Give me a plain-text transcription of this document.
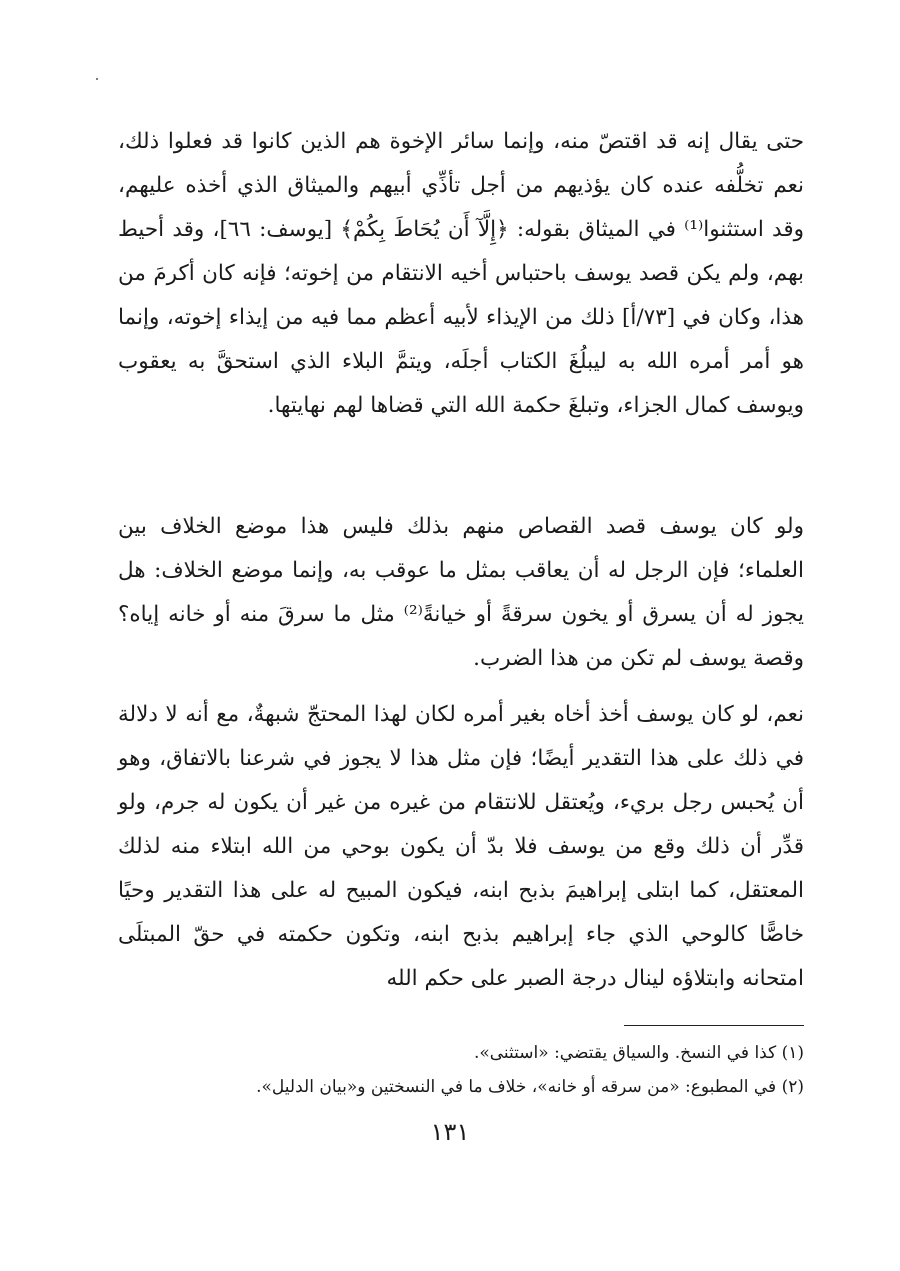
حتى يقال إنه قد اقتصّ منه، وإنما سائر الإخوة هم الذين كانوا قد فعلوا ذلك، نعم تخلُّفه عنده كان يؤذيهم من أجل تأذِّي أبيهم والميثاق الذي أخذه عليهم، وقد استثنوا⁽¹⁾ في الميثاق بقوله: ﴿إِلَّآ أَن يُحَاطَ بِكُمْ﴾ [يوسف: ٦٦]، وقد أحيط بهم، ولم يكن قصد يوسف باحتباس أخيه الانتقام من إخوته؛ فإنه كان أكرمَ من هذا، وكان في [٧٣/أ] ذلك من الإيذاء لأبيه أعظم مما فيه من إيذاء إخوته، وإنما هو أمر أمره الله به ليبلُغَ الكتاب أجلَه، ويتمَّ البلاء الذي استحقَّ به يعقوب ويوسف كمال الجزاء، وتبلغَ حكمة الله التي قضاها لهم نهايتها.

ولو كان يوسف قصد القصاص منهم بذلك فليس هذا موضع الخلاف بين العلماء؛ فإن الرجل له أن يعاقب بمثل ما عوقب به، وإنما موضع الخلاف: هل يجوز له أن يسرق أو يخون سرقةً أو خيانةً⁽²⁾ مثل ما سرقَ منه أو خانه إياه؟ وقصة يوسف لم تكن من هذا الضرب.

نعم، لو كان يوسف أخذ أخاه بغير أمره لكان لهذا المحتجّ شبهةٌ، مع أنه لا دلالة في ذلك على هذا التقدير أيضًا؛ فإن مثل هذا لا يجوز في شرعنا بالاتفاق، وهو أن يُحبس رجل بريء، ويُعتقل للانتقام من غيره من غير أن يكون له جرم، ولو قدِّر أن ذلك وقع من يوسف فلا بدّ أن يكون بوحي من الله ابتلاء منه لذلك المعتقل، كما ابتلى إبراهيمَ بذبح ابنه، فيكون المبيح له على هذا التقدير وحيًا خاصًّا كالوحي الذي جاء إبراهيم بذبح ابنه، وتكون حكمته في حقّ المبتلَى امتحانه وابتلاؤه لينال درجة الصبر على حكم الله

(١) كذا في النسخ. والسياق يقتضي: «استثنى».

(٢) في المطبوع: «من سرقه أو خانه»، خلاف ما في النسختين و«بيان الدليل».

١٣١
